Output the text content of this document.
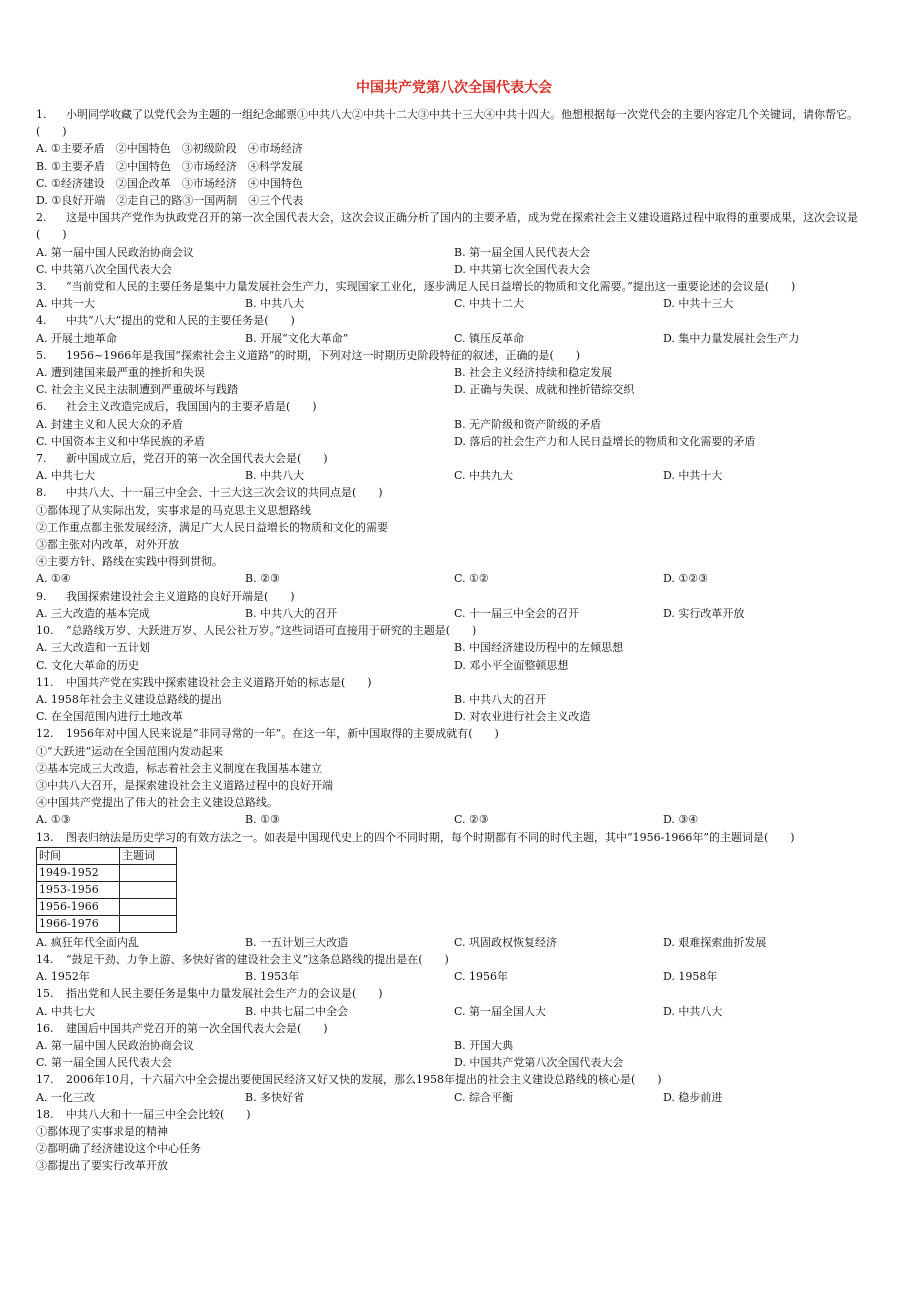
中国共产党第八次全国代表大会
1. 小明同学收藏了以党代会为主题的一组纪念邮票①中共八大②中共十二大③中共十三大④中共十四大。他想根据每一次党代会的主要内容定几个关键词，请你帮它。(　　)
A. ①主要矛盾　②中国特色　③初级阶段　④市场经济
B. ①主要矛盾　②中国特色　③市场经济　④科学发展
C. ①经济建设　②国企改革　③市场经济　④中国特色
D. ①良好开端　②走自己的路③一国两制　④三个代表
2. 这是中国共产党作为执政党召开的第一次全国代表大会，这次会议正确分析了国内的主要矛盾，成为党在探索社会主义建设道路过程中取得的重要成果，这次会议是(　　)
A. 第一届中国人民政治协商会议	B. 第一届全国人民代表大会
C. 中共第八次全国代表大会	D. 中共第七次全国代表大会
3. “当前党和人民的主要任务是集中力量发展社会生产力，实现国家工业化，逐步满足人民日益增长的物质和文化需要。”提出这一重要论述的会议是(　　)
A. 中共一大	B. 中共八大	C. 中共十二大	D. 中共十三大
4. 中共“八大”提出的党和人民的主要任务是(　　)
A. 开展土地革命	B. 开展“文化大革命”	C. 镇压反革命	D. 集中力量发展社会生产力
5. 1956~1966年是我国“探索社会主义道路”的时期，下列对这一时期历史阶段特征的叙述，正确的是(　　)
A. 遭到建国来最严重的挫折和失误	B. 社会主义经济持续和稳定发展
C. 社会主义民主法制遭到严重破坏与践踏	D. 正确与失误、成就和挫折错综交织
6. 社会主义改造完成后，我国国内的主要矛盾是(　　)
A. 封建主义和人民大众的矛盾	B. 无产阶级和资产阶级的矛盾
C. 中国资本主义和中华民族的矛盾	D. 落后的社会生产力和人民日益增长的物质和文化需要的矛盾
7. 新中国成立后，党召开的第一次全国代表大会是(　　)
A. 中共七大	B. 中共八大	C. 中共九大	D. 中共十大
8. 中共八大、十一届三中全会、十三大这三次会议的共同点是(　　)
①都体现了从实际出发，实事求是的马克思主义思想路线
②工作重点都主张发展经济，满足广大人民日益增长的物质和文化的需要
③都主张对内改革，对外开放
④主要方针、路线在实践中得到贯彻。
A. ①④	B. ②③	C. ①②	D. ①②③
9. 我国探索建设社会主义道路的良好开端是(　　)
A. 三大改造的基本完成	B. 中共八大的召开	C. 十一届三中全会的召开	D. 实行改革开放
10. “总路线万岁、大跃进万岁、人民公社万岁。”这些词语可直接用于研究的主题是(　　)
A. 三大改造和一五计划	B. 中国经济建设历程中的左倾思想
C. 文化大革命的历史	D. 邓小平全面整顿思想
11. 中国共产党在实践中探索建设社会主义道路开始的标志是(　　)
A. 1958年社会主义建设总路线的提出	B. 中共八大的召开
C. 在全国范围内进行土地改革	D. 对农业进行社会主义改造
12. 1956年对中国人民来说是“非同寻常的一年”。在这一年，新中国取得的主要成就有(　　)
①“大跃进”运动在全国范围内发动起来
②基本完成三大改造，标志着社会主义制度在我国基本建立
③中共八大召开，是探索建设社会主义道路过程中的良好开端
④中国共产党提出了伟大的社会主义建设总路线。
A. ①③	B. ①③	C. ②③	D. ③④
13. 图表归纳法是历史学习的有效方法之一。如表是中国现代史上的四个不同时期，每个时期都有不同的时代主题，其中“1956-1966年”的主题词是(　　)
时间	主题词
1949-1952	
1953-1956	
1956-1966	
1966-1976	
A. 疯狂年代全面内乱	B. 一五计划三大改造	C. 巩固政权恢复经济	D. 艰难探索曲折发展
14. “鼓足干劲、力争上游、多快好省的建设社会主义”这条总路线的提出是在(　　)
A. 1952年	B. 1953年	C. 1956年	D. 1958年
15. 指出党和人民主要任务是集中力量发展社会生产力的会议是(　　)
A. 中共七大	B. 中共七届二中全会	C. 第一届全国人大	D. 中共八大
16. 建国后中国共产党召开的第一次全国代表大会是(　　)
A. 第一届中国人民政治协商会议	B. 开国大典
C. 第一届全国人民代表大会	D. 中国共产党第八次全国代表大会
17. 2006年10月，十六届六中全会提出要使国民经济又好又快的发展，那么1958年提出的社会主义建设总路线的核心是(　　)
A. 一化三改	B. 多快好省	C. 综合平衡	D. 稳步前进
18. 中共八大和十一届三中全会比较(　　)
①都体现了实事求是的精神
②都明确了经济建设这个中心任务
③都提出了要实行改革开放
